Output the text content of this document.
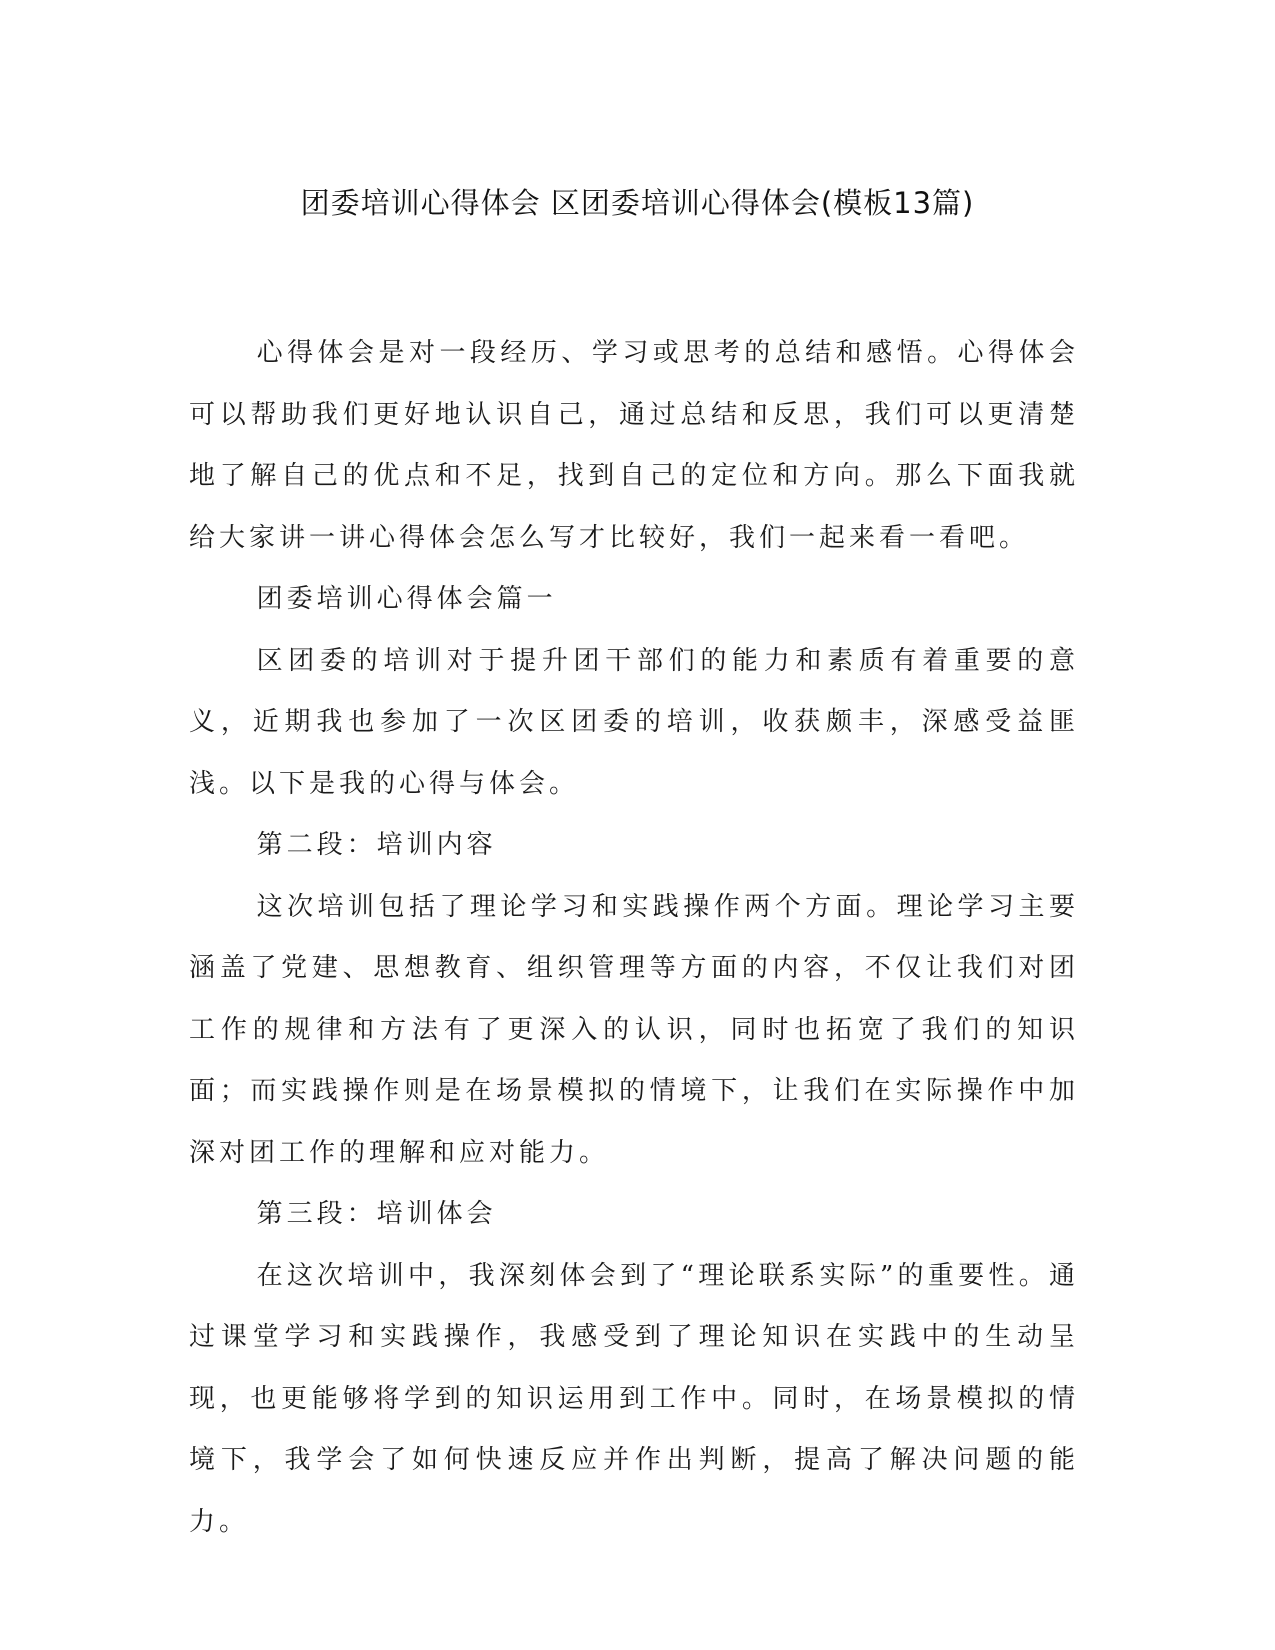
团委培训心得体会 区团委培训心得体会(模板13篇)

心得体会是对一段经历、学习或思考的总结和感悟。心得体会可以帮助我们更好地认识自己，通过总结和反思，我们可以更清楚地了解自己的优点和不足，找到自己的定位和方向。那么下面我就给大家讲一讲心得体会怎么写才比较好，我们一起来看一看吧。

团委培训心得体会篇一

区团委的培训对于提升团干部们的能力和素质有着重要的意义，近期我也参加了一次区团委的培训，收获颇丰，深感受益匪浅。以下是我的心得与体会。

第二段：培训内容

这次培训包括了理论学习和实践操作两个方面。理论学习主要涵盖了党建、思想教育、组织管理等方面的内容，不仅让我们对团工作的规律和方法有了更深入的认识，同时也拓宽了我们的知识面；而实践操作则是在场景模拟的情境下，让我们在实际操作中加深对团工作的理解和应对能力。

第三段：培训体会

在这次培训中，我深刻体会到了“理论联系实际”的重要性。通过课堂学习和实践操作，我感受到了理论知识在实践中的生动呈现，也更能够将学到的知识运用到工作中。同时，在场景模拟的情境下，我学会了如何快速反应并作出判断，提高了解决问题的能力。
